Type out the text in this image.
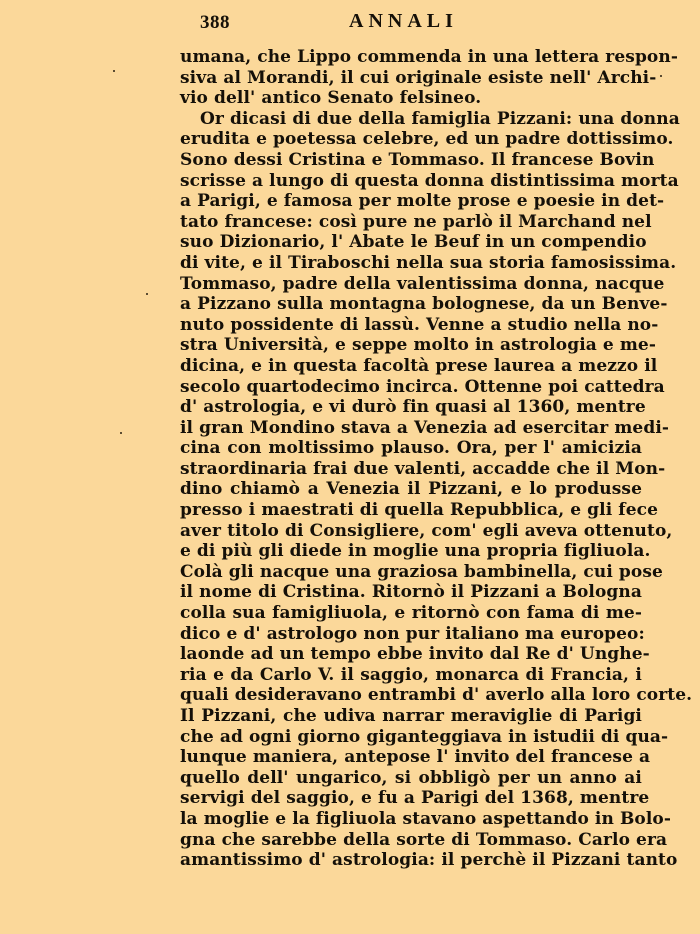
388	ANNALI
umana, che Lippo commenda in una lettera respon-
siva al Morandi, il cui originale esiste nell' Archi-
vio dell' antico Senato felsineo.
Or dicasi di due della famiglia Pizzani: una donna
erudita e poetessa celebre, ed un padre dottissimo.
Sono dessi Cristina e Tommaso. Il francese Bovin
scrisse a lungo di questa donna distintissima morta
a Parigi, e famosa per molte prose e poesie in det-
tato francese: così pure ne parlò il Marchand nel
suo Dizionario, l' Abate le Beuf in un compendio
di vite, e il Tiraboschi nella sua storia famosissima.
Tommaso, padre della valentissima donna, nacque
a Pizzano sulla montagna bolognese, da un Benve-
nuto possidente di lassù. Venne a studio nella no-
stra Università, e seppe molto in astrologia e me-
dicina, e in questa facoltà prese laurea a mezzo il
secolo quartodecimo incirca. Ottenne poi cattedra
d' astrologia, e vi durò fin quasi al 1360, mentre
il gran Mondino stava a Venezia ad esercitar medi-
cina con moltissimo plauso. Ora, per l' amicizia
straordinaria frai due valenti, accadde che il Mon-
dino chiamò a Venezia il Pizzani, e lo produsse
presso i maestrati di quella Repubblica, e gli fece
aver titolo di Consigliere, com' egli aveva ottenuto,
e di più gli diede in moglie una propria figliuola.
Colà gli nacque una graziosa bambinella, cui pose
il nome di Cristina. Ritornò il Pizzani a Bologna
colla sua famigliuola, e ritornò con fama di me-
dico e d' astrologo non pur italiano ma europeo:
laonde ad un tempo ebbe invito dal Re d' Unghe-
ria e da Carlo V. il saggio, monarca di Francia, i
quali desideravano entrambi d' averlo alla loro corte.
Il Pizzani, che udiva narrar meraviglie di Parigi
che ad ogni giorno giganteggiava in istudii di qua-
lunque maniera, antepose l' invito del francese a
quello dell' ungarico, si obbligò per un anno ai
servigi del saggio, e fu a Parigi del 1368, mentre
la moglie e la figliuola stavano aspettando in Bolo-
gna che sarebbe della sorte di Tommaso. Carlo era
amantissimo d' astrologia: il perchè il Pizzani tanto
